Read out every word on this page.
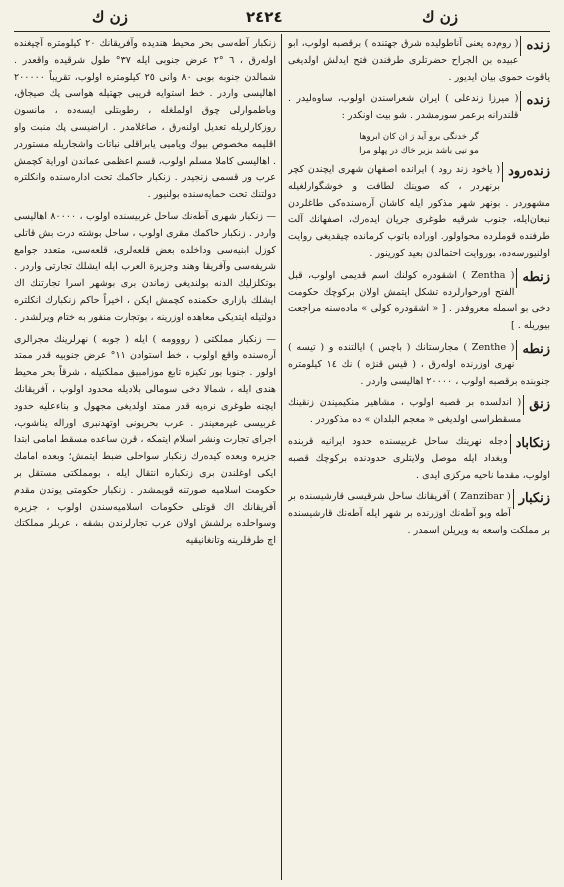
زن ك
٢٤٢٤
زن ك
زنده
( روم‌ده يعنى آناطوليده شرق جهتنده ) برقصبه اولوب، ابو عبيده بن الجراح حضرتلرى طرفندن فتح ايدلش اولديغى ياقوت حموى بيان ايديور .
زنده
( ميرزا زندعلى ) ايران شعراسندن اولوب، ساوه‌ليدر . قلندرانه برعمر سورمشدر . شو بيت اونكدر :
گر خدنگى برو آيد ز ان كان ابروها
مو نيى باشد بزير خاك در پهلو مرا
زنده‌رود
( ياخود زند رود ) ايرانده اصفهان شهرى ايچندن كچر برنهردر ، كه صوينك لطافت و خوشگوارلغيله مشهوردر . بونهر شهر مذكور ايله كاشان آره‌سنده‌كى طاغلردن نبعان‌ايله، جنوب شرقيه طوغرى جريان ايدەرك، اصفهانك آلت طرفنده قوملرده محواولور. اورادە باتوب كرمانده چيقديغى روايت اولنيورسه‌ده، بوروايت احتمالدن بعيد كورينور .
زنطه
( Zentha ) اشقودره كولنك اسم قديمى اولوب، قبل الفتح اورحوارلرده تشكل ايتمش اولان بركوچك حكومت دخى بو اسمله معروفدر . [ « اشقودره كولى » ماده‌سنه مراجعت بيوريله . ]
زنطه
( Zenthe ) مجارستانك ( باچس ) ايالتنده و ( تيسه ) نهرى اوزرنده اولەرق ، ( قيس قنژه ) نك ١٤ كيلومترە جنوبنده برقصبه اولوب ، ٢٠٠٠٠ اهاليسى واردر .
زنق
( اندلسده بر قصبه اولوب ، مشاهير منكيميندن زنقينك مسقطراسى اولديغى « معجم البلدان » ده مذكوردر .
زنكاباد
دجله نهرينك ساحل غربيسنده حدود ايرانيه قربنده وبغداد ايله موصل ولايتلرى حدودنده بركوچك قصبه اولوب، مقدما ناحيه مركزى ايدى .
زنكبار
( Zanzibar ) آفريقانك ساحل شرقيسى قارشيسنده بر آطه وبو آطه‌نك اوزرنده بر شهر ايله آطه‌نك قارشيسنده بر مملكت واسعه به ويريلن اسمدر .

زنكبار آطه‌سى بحر محيط هنديده وآفريقانك ٢٠ كيلومتره آچيغنده اولەرق ، ٦ °٢ عرض جنوبى ايله ٣٧° طول شرقيده واقعدر . شمالدن جنوبه بوبى ٨٠ وانى ٢٥ كيلومترە اولوب، تقريباً ٢٠٠٠٠٠ اهاليسى واردر . خط استوايه قريبى جهتيله هواسى پك صيجاق، وباطموارلى چوق اولملغله ، رطوبتلى ايسه‌ده ، مانسون روزكارلريله تعديل اولنەرق ، صاغلامدر . اراضيسى پك منبت واو اقليمه مخصوص بيوك وياميى يابراقلى نباتات واشجاريله مستوردر . اهاليسى كاملا مسلم اولوب، قسم اعظمى عماندن اوراية كچمش عرب ور قسمى زنجيدر . زنكبار حاكمك تحت اداره‌سنده وانكلتره دولتنك تحت حمايه‌سنده بولنيور .

— زنكبار شهرى آطه‌نك ساحل غربيسنده اولوب ، ٨٠٠٠٠ اهاليسى واردر . زنكبار حاكمك مقرى اولوب ، ساحل بوشته درت بش قاتلى كوزل ابنيه‌سى وداخلده بعض قلعه‌لرى، قلعه‌سى، متعدد جوامع شريفه‌سى وآفريقا وهند وجزيرة العرب ايله ايشلك تجارتى واردر . بوتكلزليك الدنه بولنديغى زماندن برى بوشهر اسرا تجارتنك اك ايشلك بازارى حكمنده كچمش ايكن ، اخيراً حاكم زنكبارك انكلتره دولتيله ايتديكى معاهده اوزرينه ، بوتجارت منفور به ختام ويرلشدر .

— زنكبار مملكتى ( رووومه ) ايله ( جوبه ) نهرلرينك مجرالرى آره‌سنده واقع اولوب ، خط استوادن ١١° عرض جنوبيه قدر ممتد اولور . جنوبا بور تكيزه تابع موزامبيق مملكتيله ، شرقاً بحر محيط هندى ايله ، شمالا دخى سومالى بلاديله محدود اولوب ، آفريقانك ايچنه طوغرى نرەيه قدر ممتد اولديغى مجهول و بناءعليه حدود غربيسى غيرمعيندر . عرب بحريونى اوتهدنبرى اوراله يناشوب، اجراى تجارت ونشر اسلام ايتمكه ، قرن ساعده مسقط امامى ابتدا جزيره وبعده كيدەرك زنكبار سواحلى ضبط ايتمش؛ وبعده امامك ايكى اوغلندن برى زنكباره انتقال ايله ، بومملكتى مستقل بر حكومت اسلاميه صورتنه قويمشدر . زنكبار حكومتى يوندن مقدم آفريقانك اك قوتلى حكومات اسلاميه‌سندن اولوب ، جزيره وسواحلده برلشش اولان عرب تجارلرندن بشقه ، عربلر مملكتك اچ طرفلرينه وتانغانيقيه
